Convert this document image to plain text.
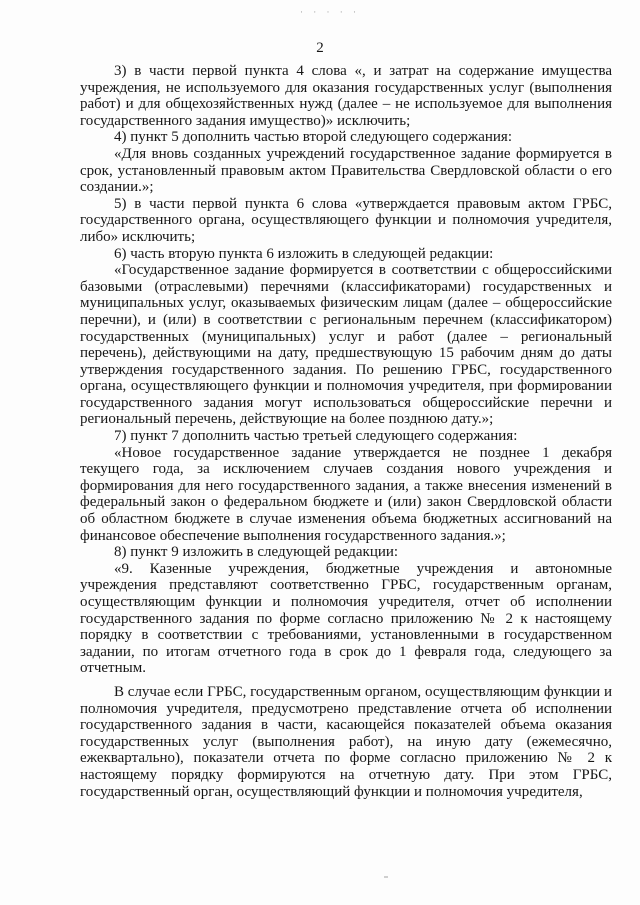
· · · · ·
2

3) в части первой пункта 4 слова «, и затрат на содержание имущества учреждения, не используемого для оказания государственных услуг (выполнения работ) и для общехозяйственных нужд (далее – не используемое для выполнения государственного задания имущество)» исключить;

4) пункт 5 дополнить частью второй следующего содержания:

«Для вновь созданных учреждений государственное задание формируется в срок, установленный правовым актом Правительства Свердловской области о его создании.»;

5) в части первой пункта 6 слова «утверждается правовым актом ГРБС, государственного органа, осуществляющего функции и полномочия учредителя, либо» исключить;

6) часть вторую пункта 6 изложить в следующей редакции:

«Государственное задание формируется в соответствии с общероссийскими базовыми (отраслевыми) перечнями (классификаторами) государственных и муниципальных услуг, оказываемых физическим лицам (далее – общероссийские перечни), и (или) в соответствии с региональным перечнем (классификатором) государственных (муниципальных) услуг и работ (далее – региональный перечень), действующими на дату, предшествующую 15 рабочим дням до даты утверждения государственного задания. По решению ГРБС, государственного органа, осуществляющего функции и полномочия учредителя, при формировании государственного задания могут использоваться общероссийские перечни и региональный перечень, действующие на более позднюю дату.»;

7) пункт 7 дополнить частью третьей следующего содержания:

«Новое государственное задание утверждается не позднее 1 декабря текущего года, за исключением случаев создания нового учреждения и формирования для него государственного задания, а также внесения изменений в федеральный закон о федеральном бюджете и (или) закон Свердловской области об областном бюджете в случае изменения объема бюджетных ассигнований на финансовое обеспечение выполнения государственного задания.»;

8) пункт 9 изложить в следующей редакции:

«9. Казенные учреждения, бюджетные учреждения и автономные учреждения представляют соответственно ГРБС, государственным органам, осуществляющим функции и полномочия учредителя, отчет об исполнении государственного задания по форме согласно приложению № 2 к настоящему порядку в соответствии с требованиями, установленными в государственном задании, по итогам отчетного года в срок до 1 февраля года, следующего за отчетным.

В случае если ГРБС, государственным органом, осуществляющим функции и полномочия учредителя, предусмотрено представление отчета об исполнении государственного задания в части, касающейся показателей объема оказания государственных услуг (выполнения работ), на иную дату (ежемесячно, ежеквартально), показатели отчета по форме согласно приложению № 2 к настоящему порядку формируются на отчетную дату. При этом ГРБС, государственный орган, осуществляющий функции и полномочия учредителя,
